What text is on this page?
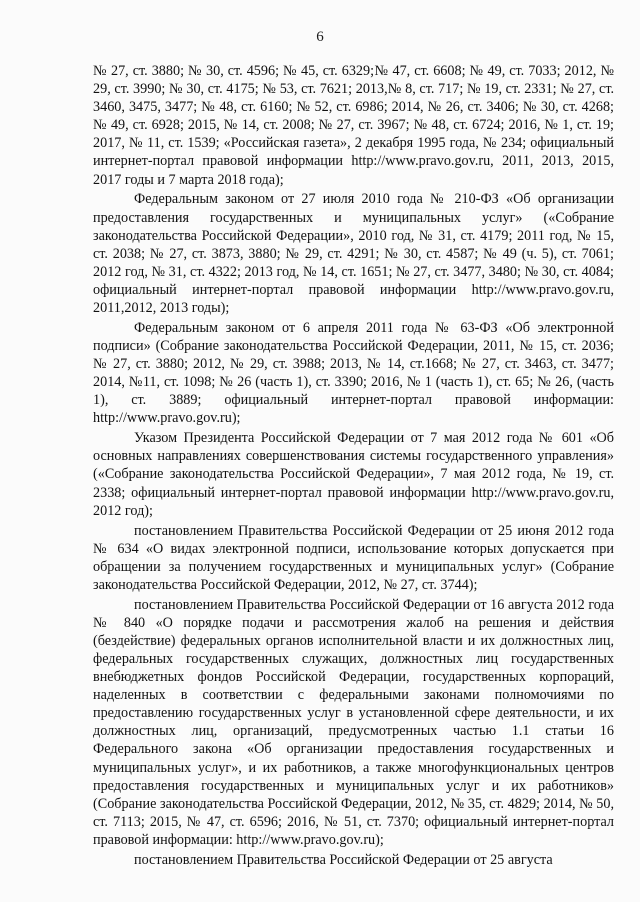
6

№ 27, ст. 3880; № 30, ст. 4596; № 45, ст. 6329;№ 47, ст. 6608; № 49, ст. 7033; 2012, № 29, ст. 3990; № 30, ст. 4175; № 53, ст. 7621; 2013,№ 8, ст. 717; № 19, ст. 2331; № 27, ст. 3460, 3475, 3477; № 48, ст. 6160; № 52, ст. 6986; 2014, № 26, ст. 3406; № 30, ст. 4268; № 49, ст. 6928; 2015, № 14, ст. 2008; № 27, ст. 3967; № 48, ст. 6724; 2016, № 1, ст. 19; 2017, № 11, ст. 1539; «Российская газета», 2 декабря 1995 года, № 234; официальный интернет-портал правовой информации http://www.pravo.gov.ru, 2011, 2013, 2015, 2017 годы и 7 марта 2018 года);

Федеральным законом от 27 июля 2010 года № 210-ФЗ «Об организации предоставления государственных и муниципальных услуг» («Собрание законодательства Российской Федерации», 2010 год, № 31, ст. 4179; 2011 год, № 15, ст. 2038; № 27, ст. 3873, 3880; № 29, ст. 4291; № 30, ст. 4587; № 49 (ч. 5), ст. 7061; 2012 год, № 31, ст. 4322; 2013 год, № 14, ст. 1651; № 27, ст. 3477, 3480; № 30, ст. 4084; официальный интернет-портал правовой информации http://www.pravo.gov.ru, 2011,2012, 2013 годы);

Федеральным законом от 6 апреля 2011 года № 63-ФЗ «Об электронной подписи» (Собрание законодательства Российской Федерации, 2011, № 15, ст. 2036; № 27, ст. 3880; 2012, № 29, ст. 3988; 2013, № 14, ст.1668; № 27, ст. 3463, ст. 3477; 2014, №11, ст. 1098; № 26 (часть 1), ст. 3390; 2016, № 1 (часть 1), ст. 65; № 26, (часть 1), ст. 3889; официальный интернет-портал правовой информации: http://www.pravo.gov.ru);

Указом Президента Российской Федерации от 7 мая 2012 года № 601 «Об основных направлениях совершенствования системы государственного управления» («Собрание законодательства Российской Федерации», 7 мая 2012 года, № 19, ст. 2338; официальный интернет-портал правовой информации http://www.pravo.gov.ru, 2012 год);

постановлением Правительства Российской Федерации от 25 июня 2012 года № 634 «О видах электронной подписи, использование которых допускается при обращении за получением государственных и муниципальных услуг» (Собрание законодательства Российской Федерации, 2012, № 27, ст. 3744);

постановлением Правительства Российской Федерации от 16 августа 2012 года № 840 «О порядке подачи и рассмотрения жалоб на решения и действия (бездействие) федеральных органов исполнительной власти и их должностных лиц, федеральных государственных служащих, должностных лиц государственных внебюджетных фондов Российской Федерации, государственных корпораций, наделенных в соответствии с федеральными законами полномочиями по предоставлению государственных услуг в установленной сфере деятельности, и их должностных лиц, организаций, предусмотренных частью 1.1 статьи 16 Федерального закона «Об организации предоставления государственных и муниципальных услуг», и их работников, а также многофункциональных центров предоставления государственных и муниципальных услуг и их работников» (Собрание законодательства Российской Федерации, 2012, № 35, ст. 4829; 2014, № 50, ст. 7113; 2015, № 47, ст. 6596; 2016, № 51, ст. 7370; официальный интернет-портал правовой информации: http://www.pravo.gov.ru);

постановлением Правительства Российской Федерации от 25 августа
